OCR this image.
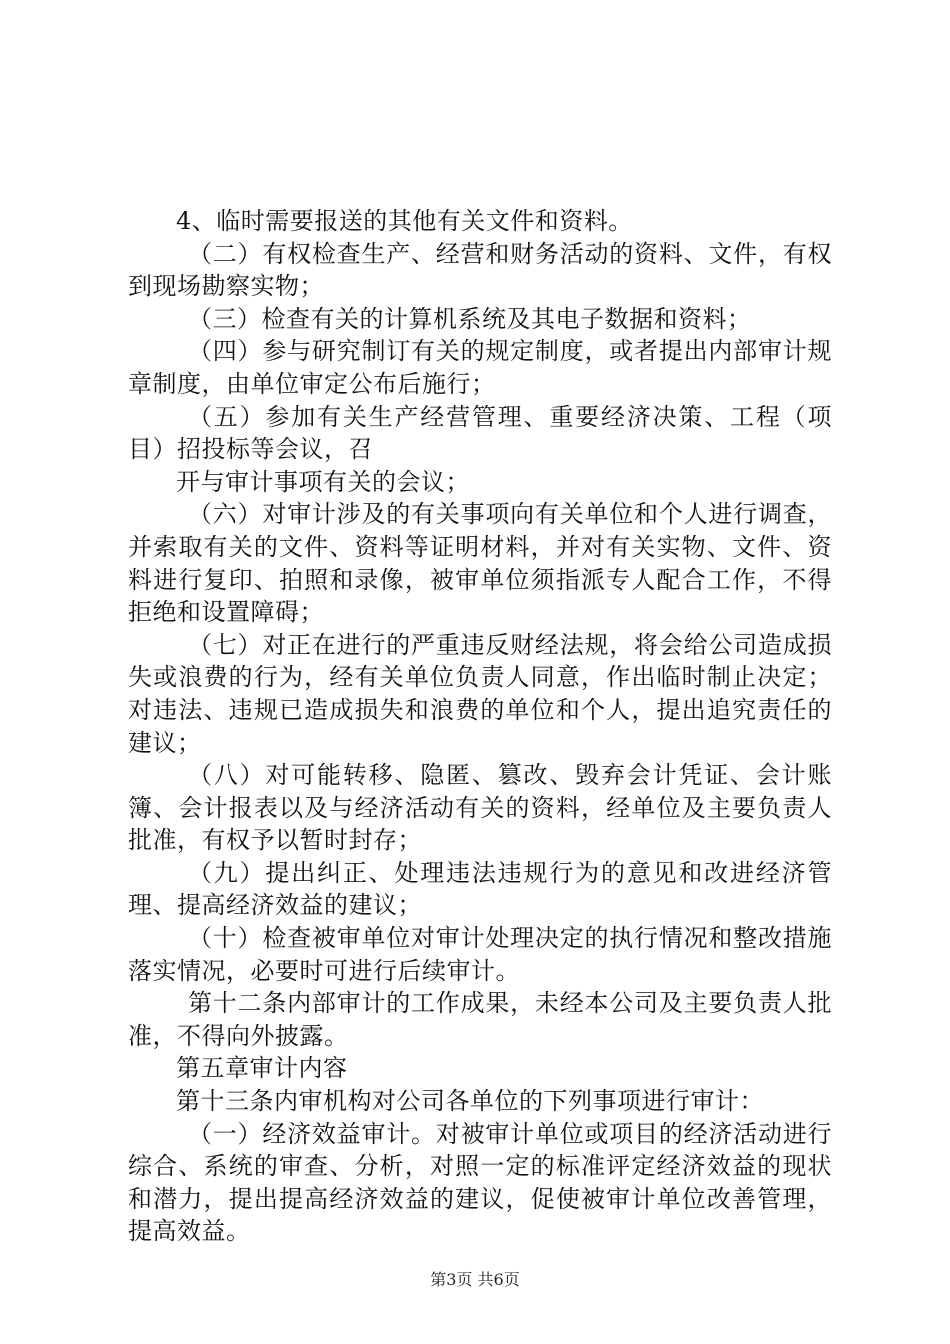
4、临时需要报送的其他有关文件和资料。

（二）有权检查生产、经营和财务活动的资料、文件，有权到现场勘察实物；

（三）检查有关的计算机系统及其电子数据和资料；

（四）参与研究制订有关的规定制度，或者提出内部审计规章制度，由单位审定公布后施行；

（五）参加有关生产经营管理、重要经济决策、工程（项目）招投标等会议，召

开与审计事项有关的会议；

（六）对审计涉及的有关事项向有关单位和个人进行调查，并索取有关的文件、资料等证明材料，并对有关实物、文件、资料进行复印、拍照和录像，被审单位须指派专人配合工作，不得拒绝和设置障碍；

（七）对正在进行的严重违反财经法规，将会给公司造成损失或浪费的行为，经有关单位负责人同意，作出临时制止决定；对违法、违规已造成损失和浪费的单位和个人，提出追究责任的建议；

（八）对可能转移、隐匿、篡改、毁弃会计凭证、会计账簿、会计报表以及与经济活动有关的资料，经单位及主要负责人批准，有权予以暂时封存；

（九）提出纠正、处理违法违规行为的意见和改进经济管理、提高经济效益的建议；

（十）检查被审单位对审计处理决定的执行情况和整改措施落实情况，必要时可进行后续审计。

第十二条内部审计的工作成果，未经本公司及主要负责人批准，不得向外披露。

第五章审计内容

第十三条内审机构对公司各单位的下列事项进行审计：

（一）经济效益审计。对被审计单位或项目的经济活动进行综合、系统的审查、分析，对照一定的标准评定经济效益的现状和潜力，提出提高经济效益的建议，促使被审计单位改善管理，提高效益。

第3页 共6页
